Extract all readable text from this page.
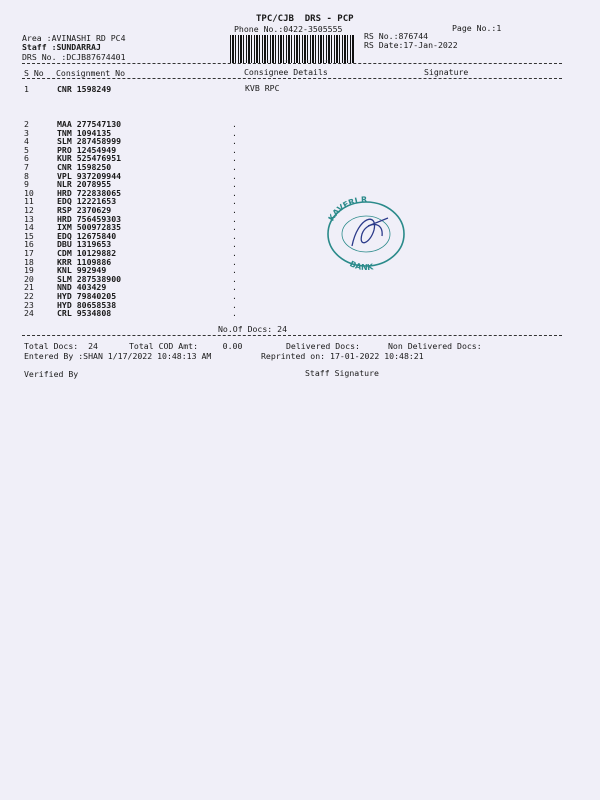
TPC/CJB  DRS - PCP
Phone No.:0422-3505555	Page No.:1
Area :AVINASHI RD PC4
Staff :SUNDARRAJ
DRS No. :DCJB87674401
RS No.:876744
RS Date:17-Jan-2022
S No Consignment No	Consignee Details	Signature
1	CNR 1598249	KVB RPC
2	MAA 277547130	.
3	TNM 1094135	.
4	SLM 287458999	.
5	PRO 12454949	.
6	KUR 525476951	.
7	CNR 1598250	.
8	VPL 937209944	.
9	NLR 2078955	.
10	HRD 722838065	.
11	EDQ 12221653	.
12	RSP 2370629	.
13	HRD 756459303	.
14	IXM 500972835	.
15	EDQ 12675840	.
16	DBU 1319653	.
17	CDM 10129882	.
18	KRR 1109886	.
19	KNL 992949	.
20	SLM 287538900	.
21	NND 403429	.
22	HYD 79840205	.
23	HYD 80658538	.
24	CRL 9534808	.
KAVERI R
BANK
No.Of Docs: 24
Total Docs:  24	Total COD Amt:     0.00	Delivered Docs:	Non Delivered Docs:
Entered By :SHAN 1/17/2022 10:48:13 AM	Reprinted on: 17-01-2022 10:48:21
Verified By	Staff Signature
